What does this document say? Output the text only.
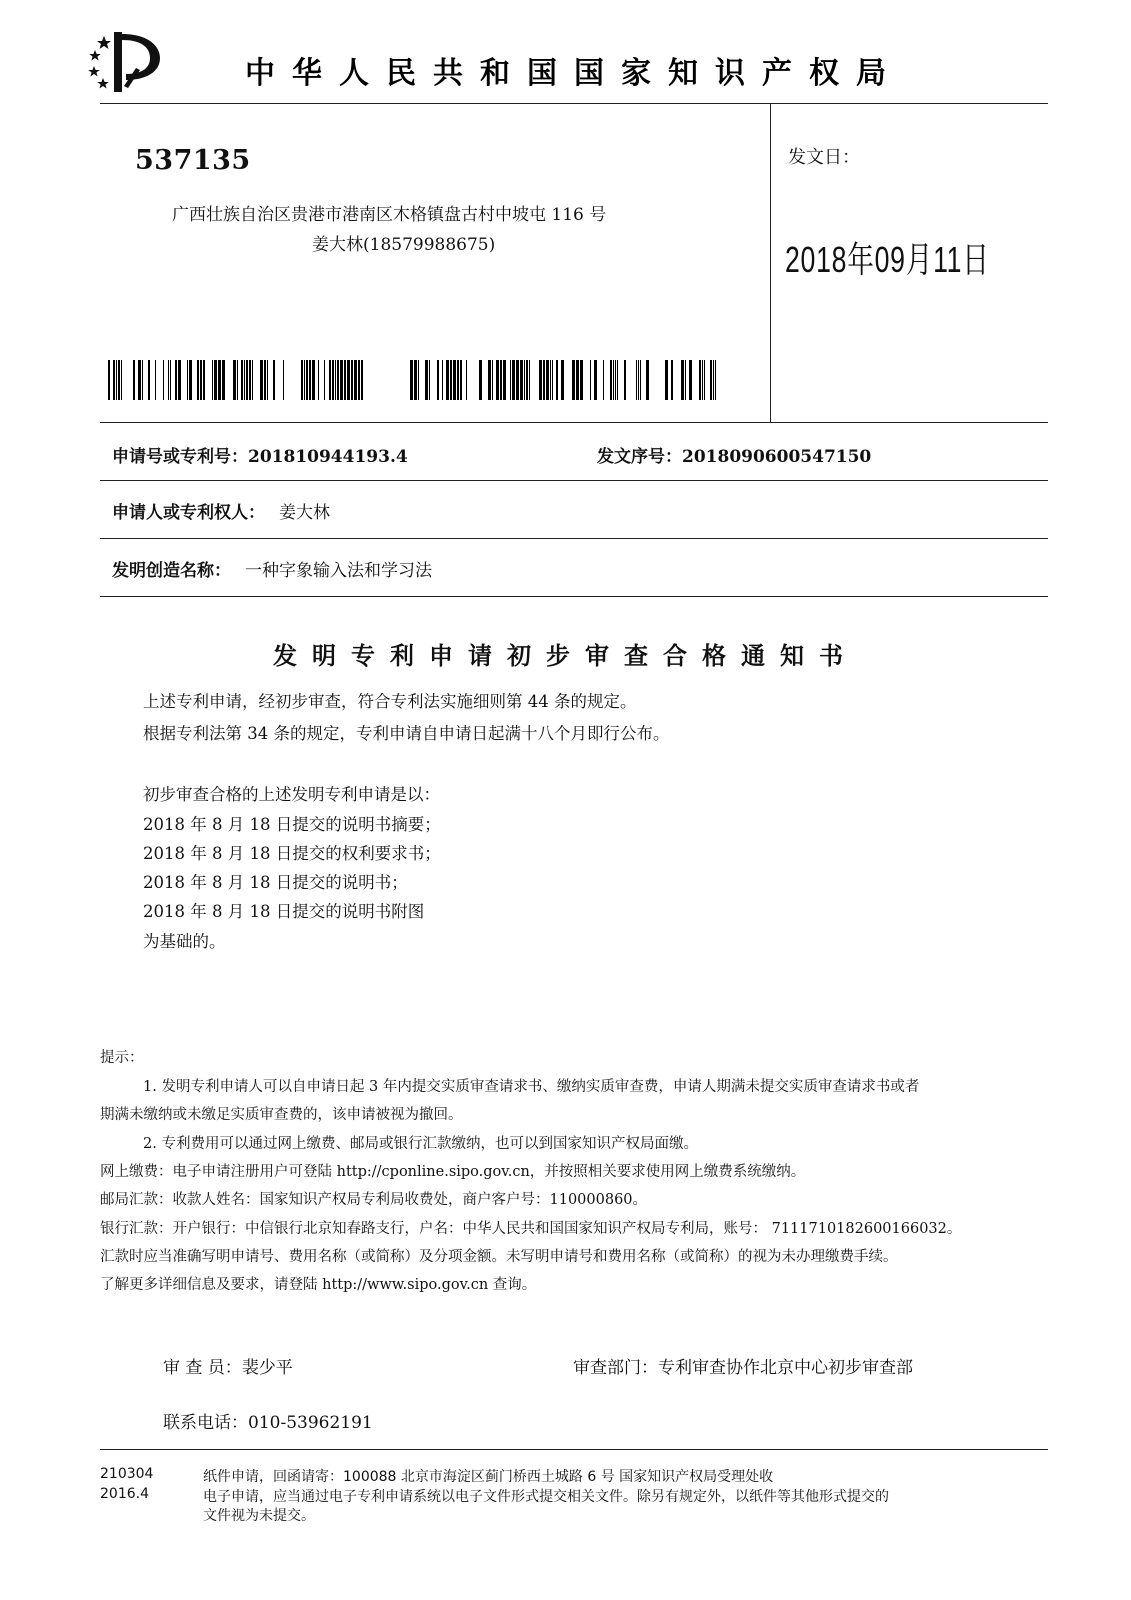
中华人民共和国国家知识产权局
537135
广西壮族自治区贵港市港南区木格镇盘古村中坡屯 116 号
姜大林(18579988675)
发文日：
2018年09月11日
申请号或专利号：201810944193.4	发文序号：2018090600547150
申请人或专利权人： 姜大林
发明创造名称： 一种字象输入法和学习法
发明专利申请初步审查合格通知书
上述专利申请，经初步审查，符合专利法实施细则第 44 条的规定。
根据专利法第 34 条的规定，专利申请自申请日起满十八个月即行公布。
初步审查合格的上述发明专利申请是以：
2018 年 8 月 18 日提交的说明书摘要；
2018 年 8 月 18 日提交的权利要求书；
2018 年 8 月 18 日提交的说明书；
2018 年 8 月 18 日提交的说明书附图
为基础的。
提示：
1. 发明专利申请人可以自申请日起 3 年内提交实质审查请求书、缴纳实质审查费，申请人期满未提交实质审查请求书或者
期满未缴纳或未缴足实质审查费的，该申请被视为撤回。
2. 专利费用可以通过网上缴费、邮局或银行汇款缴纳，也可以到国家知识产权局面缴。
网上缴费：电子申请注册用户可登陆 http://cponline.sipo.gov.cn，并按照相关要求使用网上缴费系统缴纳。
邮局汇款：收款人姓名：国家知识产权局专利局收费处，商户客户号：110000860。
银行汇款：开户银行：中信银行北京知春路支行，户名：中华人民共和国国家知识产权局专利局，账号： 7111710182600166032。
汇款时应当准确写明申请号、费用名称（或简称）及分项金额。未写明申请号和费用名称（或简称）的视为未办理缴费手续。
了解更多详细信息及要求，请登陆 http://www.sipo.gov.cn 查询。
审 查 员：裴少平	审查部门：专利审查协作北京中心初步审查部
联系电话：010-53962191
210304
2016.4
纸件申请，回函请寄：100088 北京市海淀区蓟门桥西土城路 6 号 国家知识产权局受理处收
电子申请，应当通过电子专利申请系统以电子文件形式提交相关文件。除另有规定外，以纸件等其他形式提交的
文件视为未提交。
